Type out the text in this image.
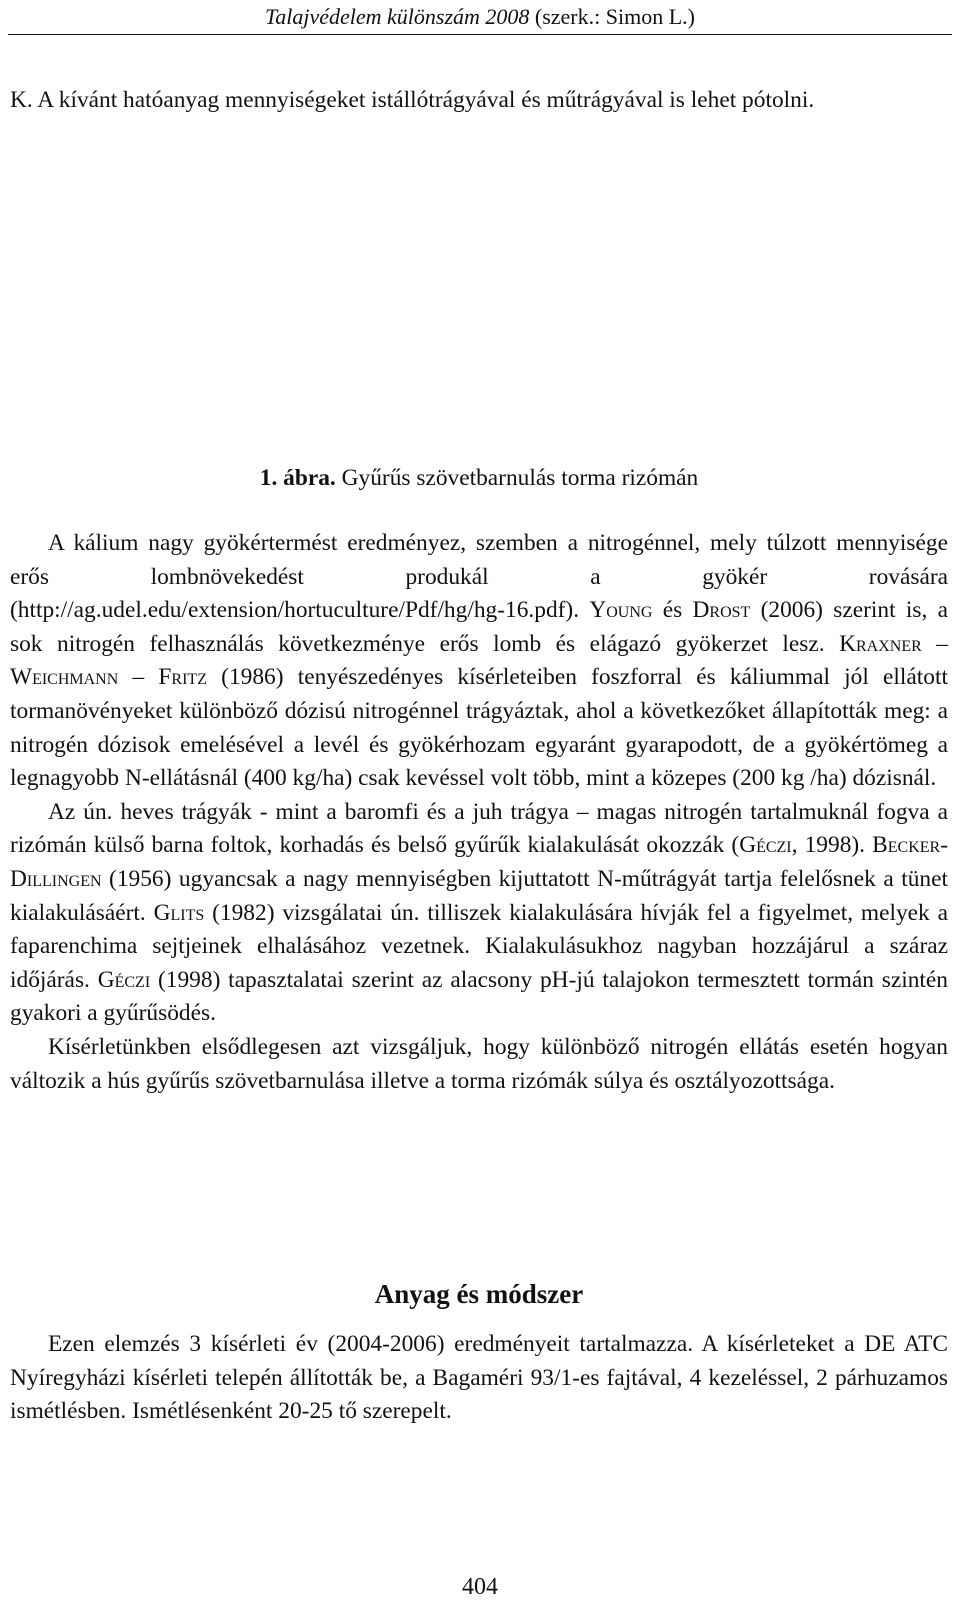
Talajvédelem különszám 2008 (szerk.: Simon L.)

K. A kívánt hatóanyag mennyiségeket istállótrágyával és műtrágyával is lehet pótolni.

1. ábra. Gyűrűs szövetbarnulás torma rizómán

A kálium nagy gyökértermést eredményez, szemben a nitrogénnel, mely túlzott mennyisége erős lombnövekedést produkál a gyökér rovására (http://ag.udel.edu/extension/hortuculture/Pdf/hg/hg-16.pdf). Young és Drost (2006) szerint is, a sok nitrogén felhasználás következménye erős lomb és elágazó gyökerzet lesz. Kraxner – Weichmann – Fritz (1986) tenyészedényes kísérleteiben foszforral és káliummal jól ellátott tormanövényeket különböző dózisú nitrogénnel trágyáztak, ahol a következőket állapították meg: a nitrogén dózisok emelésével a levél és gyökérhozam egyaránt gyarapodott, de a gyökértömeg a legnagyobb N-ellátásnál (400 kg/ha) csak kevéssel volt több, mint a közepes (200 kg /ha) dózisnál.

Az ún. heves trágyák - mint a baromfi és a juh trágya – magas nitrogén tartalmuknál fogva a rizómán külső barna foltok, korhadás és belső gyűrűk kialakulását okozzák (Géczi, 1998). Becker-Dillingen (1956) ugyancsak a nagy mennyiségben kijuttatott N-műtrágyát tartja felelősnek a tünet kialakulásáért. Glits (1982) vizsgálatai ún. tilliszek kialakulására hívják fel a figyelmet, melyek a faparenchima sejtjeinek elhalásához vezetnek. Kialakulásukhoz nagyban hozzájárul a száraz időjárás. Géczi (1998) tapasztalatai szerint az alacsony pH-jú talajokon termesztett tormán szintén gyakori a gyűrűsödés.

Kísérletünkben elsődlegesen azt vizsgáljuk, hogy különböző nitrogén ellátás esetén hogyan változik a hús gyűrűs szövetbarnulása illetve a torma rizómák súlya és osztályozottsága.

Anyag és módszer

Ezen elemzés 3 kísérleti év (2004-2006) eredményeit tartalmazza. A kísérleteket a DE ATC Nyíregyházi kísérleti telepén állították be, a Bagaméri 93/1-es fajtával, 4 kezeléssel, 2 párhuzamos ismétlésben. Ismétlésenként 20-25 tő szerepelt.

404
